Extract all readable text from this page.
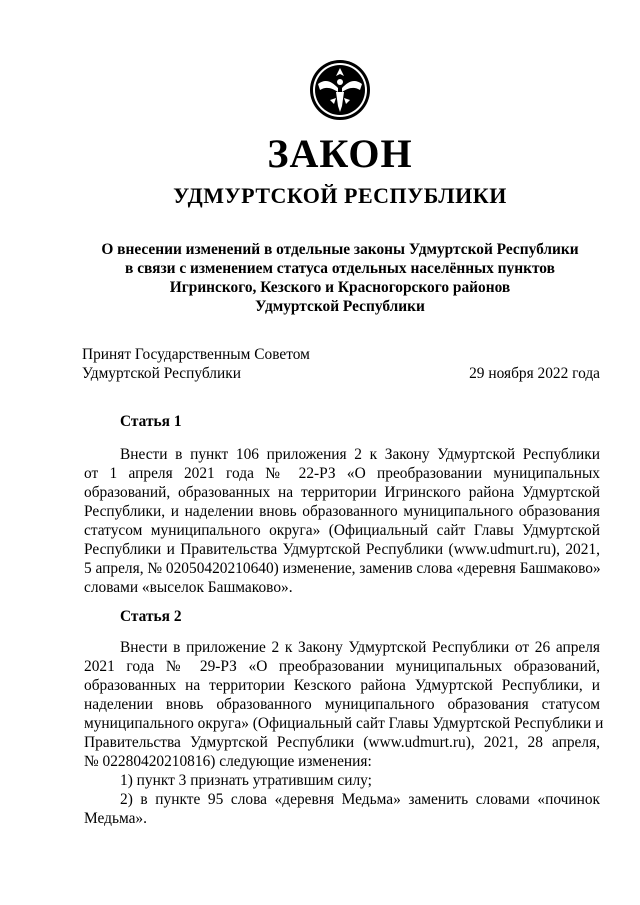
ЗАКОН
УДМУРТСКОЙ РЕСПУБЛИКИ
О внесении изменений в отдельные законы Удмуртской Республики
в связи с изменением статуса отдельных населённых пунктов
Игринского, Кезского и Красногорского районов
Удмуртской Республики
Принят Государственным Советом
Удмуртской Республики	29 ноября 2022 года
Статья 1
Внести в пункт 106 приложения 2 к Закону Удмуртской Республики
от 1 апреля 2021 года № 22-РЗ «О преобразовании муниципальных
образований, образованных на территории Игринского района Удмуртской
Республики, и наделении вновь образованного муниципального образования
статусом муниципального округа» (Официальный сайт Главы Удмуртской
Республики и Правительства Удмуртской Республики (www.udmurt.ru), 2021,
5 апреля, № 02050420210640) изменение, заменив слова «деревня Башмаково»
словами «выселок Башмаково».
Статья 2
Внести в приложение 2 к Закону Удмуртской Республики от 26 апреля
2021 года № 29-РЗ «О преобразовании муниципальных образований,
образованных на территории Кезского района Удмуртской Республики, и
наделении вновь образованного муниципального образования статусом
муниципального округа» (Официальный сайт Главы Удмуртской Республики и
Правительства Удмуртской Республики (www.udmurt.ru), 2021, 28 апреля,
№ 02280420210816) следующие изменения:
1) пункт 3 признать утратившим силу;
2) в пункте 95 слова «деревня Медьма» заменить словами «починок
Медьма».
